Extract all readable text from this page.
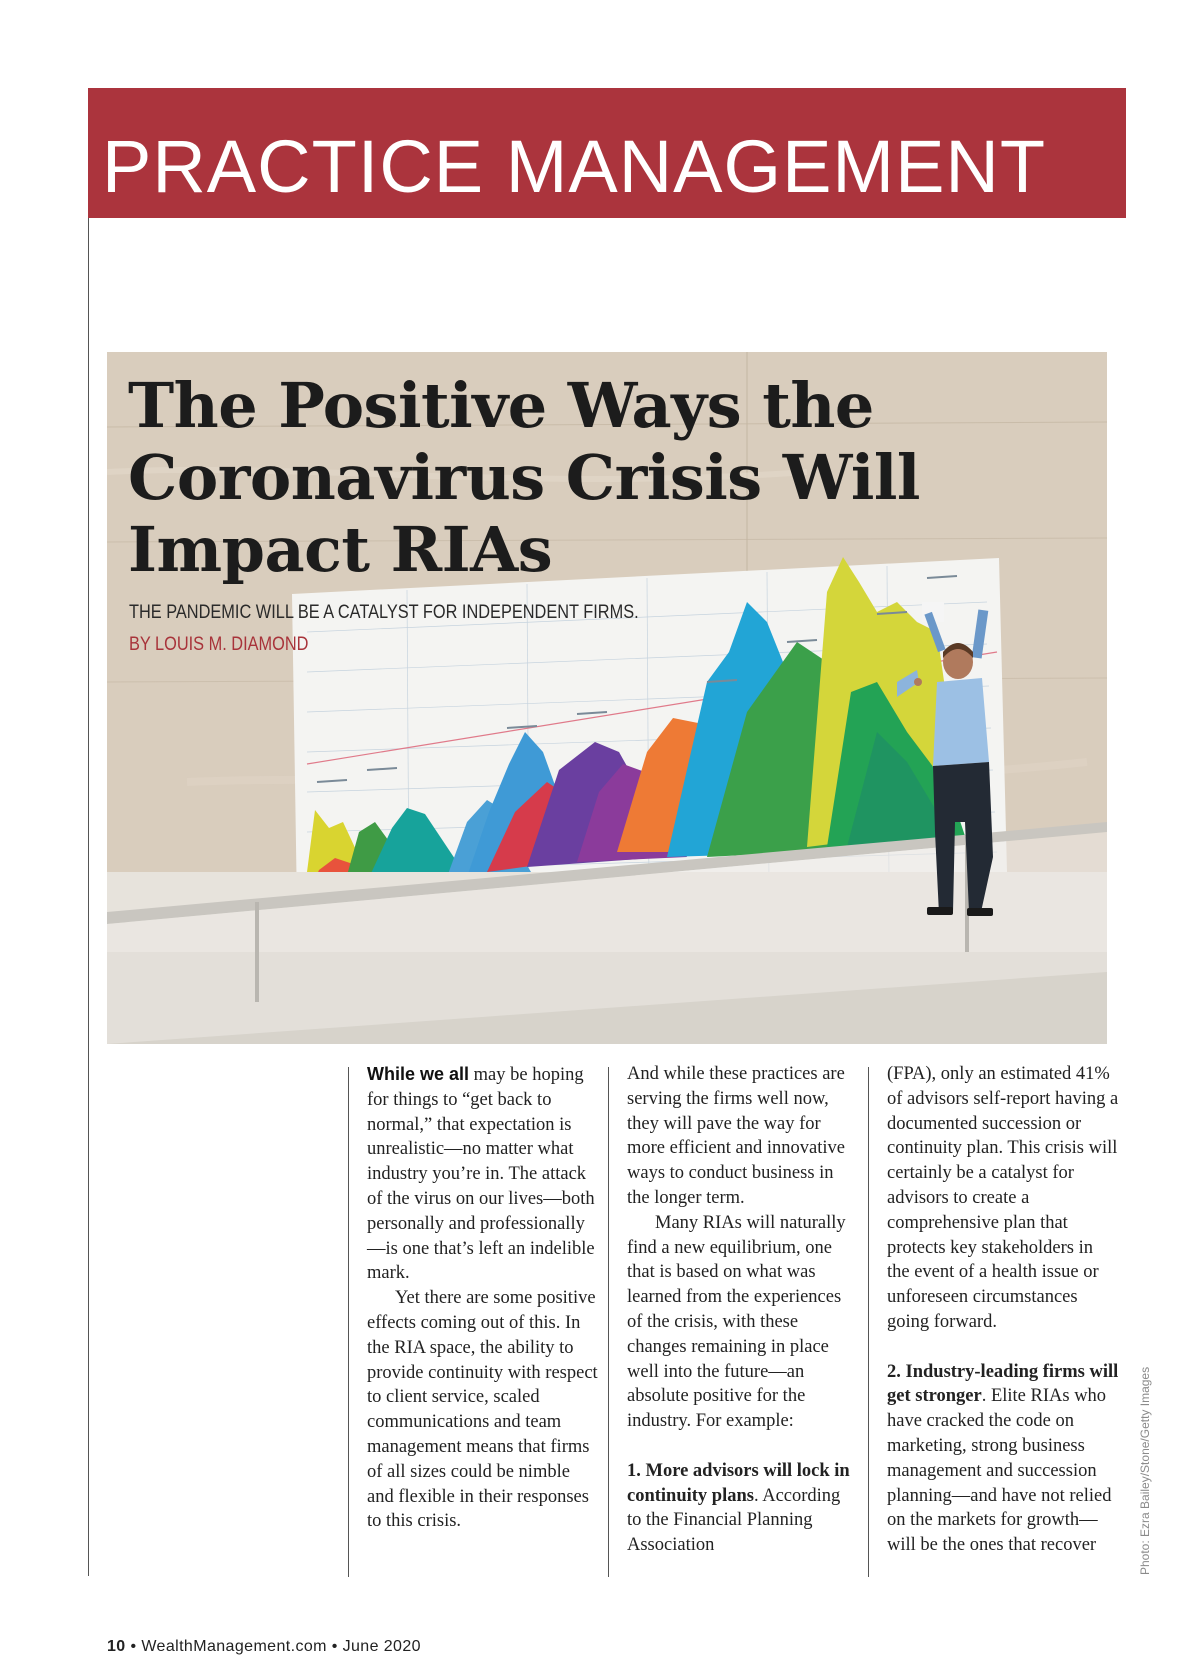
PRACTICE MANAGEMENT
The Positive Ways the
Coronavirus Crisis Will
Impact RIAs

THE PANDEMIC WILL BE A CATALYST FOR INDEPENDENT FIRMS.

BY LOUIS M. DIAMOND

While we all may be hoping for things to “get back to normal,” that expectation is unrealistic—no matter what industry you’re in. The attack of the virus on our lives—both personally and professionally—is one that’s left an indelible mark.

Yet there are some positive effects coming out of this. In the RIA space, the ability to provide continuity with respect to client service, scaled communications and team management means that firms of all sizes could be nimble and flexible in their responses to this crisis.

And while these practices are serving the firms well now, they will pave the way for more efficient and innovative ways to conduct business in the longer term.

Many RIAs will naturally find a new equilibrium, one that is based on what was learned from the experiences of the crisis, with these changes remaining in place well into the future—an absolute positive for the industry. For example:

1. More advisors will lock in continuity plans. According to the Financial Planning Association

(FPA), only an estimated 41% of advisors self-report having a documented succession or continuity plan. This crisis will certainly be a catalyst for advisors to create a comprehensive plan that protects key stakeholders in the event of a health issue or unforeseen circumstances going forward.

2. Industry-leading firms will get stronger. Elite RIAs who have cracked the code on marketing, strong business management and succession planning—and have not relied on the markets for growth—will be the ones that recover	Photo: Ezra Bailey/Stone/Getty Images

10 • WealthManagement.com • June 2020
